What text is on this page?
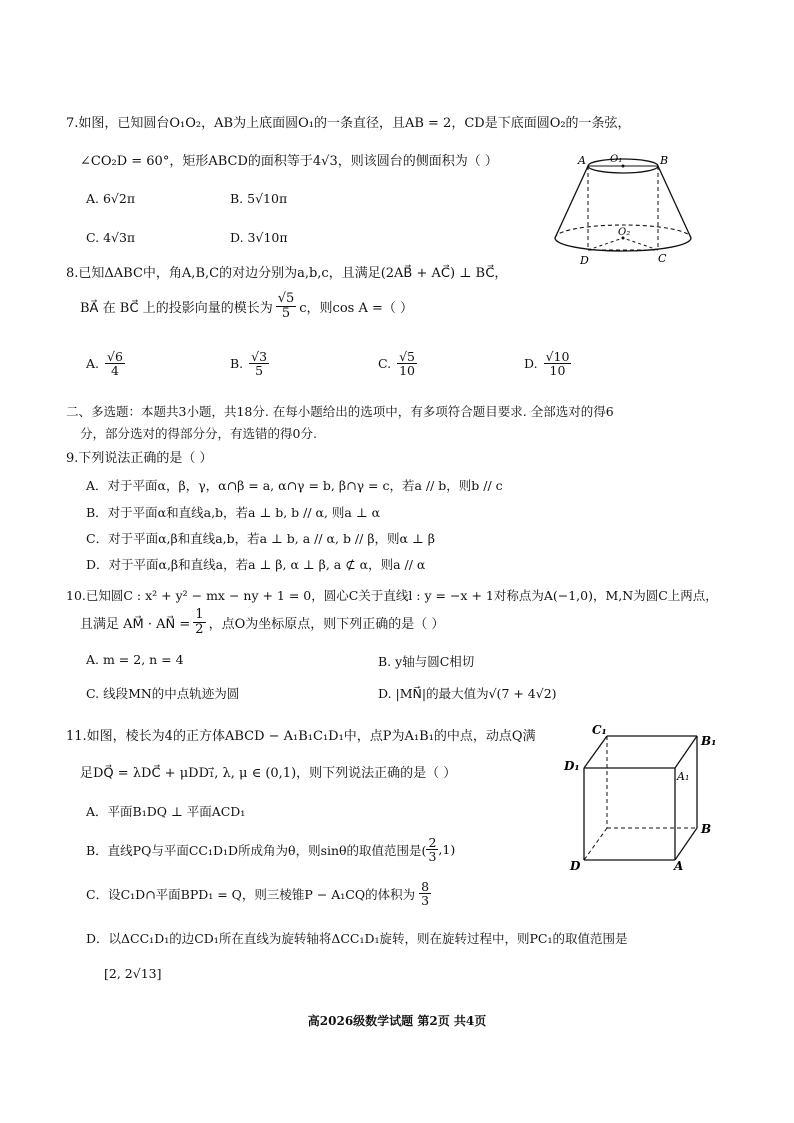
7.如图，已知圆台O₁O₂，AB为上底面圆O₁的一条直径，且AB = 2，CD是下底面圆O₂的一条弦，
∠CO₂D = 60°，矩形ABCD的面积等于4√3，则该圆台的侧面积为（ ）
A. 6√2π	B. 5√10π
C. 4√3π	D. 3√10π
A O₁	B
O₂
D	C
8.已知ΔABC中，角A,B,C的对边分别为a,b,c，且满足(2AB⃗ + AC⃗) ⊥ BC⃗，
BA⃗ 在 BC⃗ 上的投影向量的模长为 $\frac{√5}{5}$ c，则cos A =（ ）
A. $\frac{√6}{4}$	B. $\frac{√3}{5}$	C. $\frac{√5}{10}$	D. $\frac{√10}{10}$
二、多选题：本题共3小题，共18分. 在每小题给出的选项中，有多项符合题目要求. 全部选对的得6
分，部分选对的得部分分，有选错的得0分.
9.下列说法正确的是（ ）
A．对于平面α，β，γ，α∩β = a, α∩γ = b, β∩γ = c，若a // b，则b // c
B．对于平面α和直线a,b，若a ⊥ b, b // α, 则a ⊥ α
C．对于平面α,β和直线a,b，若a ⊥ b, a // α, b // β，则α ⊥ β
D．对于平面α,β和直线a，若a ⊥ β, α ⊥ β, a ⊄ α，则a // α
10.已知圆C : x² + y² − mx − ny + 1 = 0，圆心C关于直线l : y = −x + 1对称点为A(−1,0)，M,N为圆C上两点，
且满足 AM⃗ · AN⃗ = $\frac{1}{2}$ ，点O为坐标原点，则下列正确的是（ ）
A. m = 2, n = 4	B. y轴与圆C相切
C. 线段MN的中点轨迹为圆	D. |MN⃗|的最大值为√(7 + 4√2)
11.如图，棱长为4的正方体ABCD − A₁B₁C₁D₁中，点P为A₁B₁的中点，动点Q满
足DQ⃗ = λDC⃗ + μDD₁⃗, λ, μ ∈ (0,1)，则下列说法正确的是（ ）
A．平面B₁DQ ⊥ 平面ACD₁
B．直线PQ与平面CC₁D₁D所成角为θ，则sinθ的取值范围是( $\frac{2}{3} ,1$)
C．设C₁D∩平面BPD₁ = Q，则三棱锥P − A₁CQ的体积为 $\frac{8}{3}$
D．以ΔCC₁D₁的边CD₁所在直线为旋转轴将ΔCC₁D₁旋转，则在旋转过程中，则PC₁的取值范围是
[2, 2√13]
C₁
B₁
D₁
A₁
B
D	A
高2026级数学试题 第2页 共4页
